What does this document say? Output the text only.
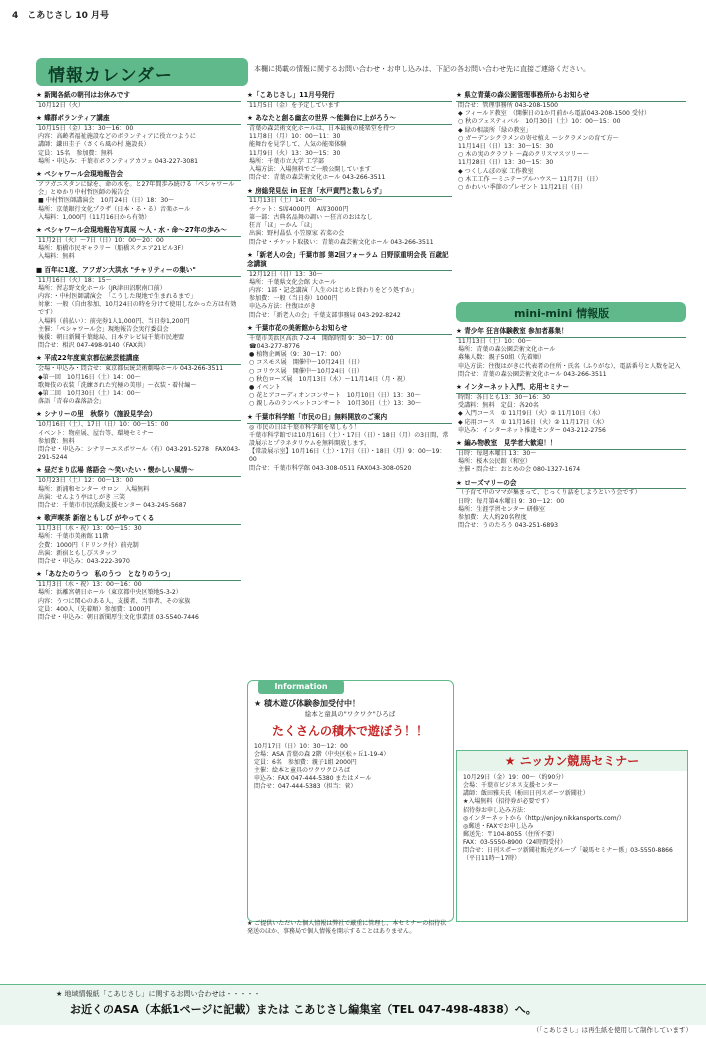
4　こあじさし 10 月号
情報カレンダー	本欄に掲載の情報に関するお問い合わせ・お申し込みは、下記の各お問い合わせ先に直接ご連絡ください。
★ 新聞各紙の朝刊はお休みです
10月12日（火）
★ 蝶群ボランティア講座
10月15日（金）13：30～16：00
内容：高齢者福祉施設などのボランティアに役立つように
講師：鎌田圭子（さくら風の村 施設長）
定員：15名　参加費：無料
場所・申込み：千葉市ボランティアカフェ 043-227-3081
★ ペシャワール会現地報告会
アフガニスタンに緑を、命の水を。と27年間歩み続ける「ペシャワール会」とゆかり中村哲医師の報告会
■ 中村哲医師講演会　10月24日（日）18：30～
場所：京葉銀行文化プラザ（日本・る・る）音楽ホール
入場料：1,000円（11月16日から有効）
★ ペシャワール会現地報告写真展 ～人・水・命～27年の歩み～
11月2日（火）～7日（日）10：00～20：00
場所：船橋市民ギャラリー（船橋スクエア21ビル3F）
入場料：無料
■ 百年に1度、アフガン大洪水 "チャリティーの集い"
11月16日（火）18：15～
場所：習志野文化ホール（JR津田沼駅南口前）
内容：・中村医師講演会　「こうした現地で生まれるまで」
対象：一般（自由参加、10月24日の時を分けて使用しなかった方は有効です）
入場料（前払い）：前売券1人1,000円、当日券1,200円
主催：「ペシャワール会」現地報告会実行委員会
後援：朝日新聞千葉総局、日本テレビ局千葉市民連盟
問合せ：相沢 047-498-9140（FAX共）
★ 平成22年度東京都伝統芸能講座
会場・申込み・問合せ：東京都伝統芸術劇場ホール 043-266-3511
◆第一回　10月16日（土）14：00～
歌舞伎の衣装「洗練された究極の美形」～衣装・着付編～
◆第二回　10月30日（土）14：00～
落語「青春の森落語会」
★ シナリーの里　秋祭り（施設見学会）
10月16日（土）、17日（日）10：00～15：00
イベント：物産展、屋台等、環境セミナー
参加費：無料
問合せ・申込み：シナリーエスポワール（有）043-291-5278　FAX043-291-5244
★ 昼だまり広場 落語会 ～笑いたい・懐かしい風情～
10月23日（土）12：00～13：00
場所：新浦和センター サロン　入場無料
出演：せんよう亭はしがき 三笑
問合せ：千葉市市民活動支援センター 043-245-5687
★ 歌声喫茶 新宿ともしび がやってくる
11月3日（水・祝）13：00～15：30
場所：千葉市美術館 11階
会費：1000円（ドリンク付）前売制
出演：新宿ともしびスタッフ
問合せ・申込み：043-222-3970
★「あなたのうつ　私のうつ　となりのうつ」
11月3日（水・祝）13：00～16：00
場所：浜離宮朝日ホール（東京都中央区築地5-3-2）
内容：うつに関心のある人、支援者、当事者、その家族
定員：400人（先着順）参加費：1000円
問合せ・申込み：朝日新聞厚生文化事業団 03-5540-7446
★「こあじさし」11月号発行
11月5日（金）を予定しています
★ あなたと創る幽玄の世界 ～能舞台に上がろう～
青葉の森芸術文化ホールは、日本最後の能楽堂を持つ
11月8日（月）10：00～11：30
能舞台を見学して、人気の能楽体験
11月9日（火）13：30～15：30
場所：千葉市立大学 工学部
入場方法：入場無料でご一般公開しています
問合せ：青葉の森芸術文化ホール 043-266-3511
★ 房総発見伝 in 狂言「水戸黄門と数しらず」
11月13日（土）14：00～
チケット：S席4000円　A席3000円
第一部：古典名品舞の調い ～狂言のおはなし
狂言「ほ」～かん「ほ」
出演：野村晶弘 小笠原家 若菜の会
問合せ・チケット取扱い：青葉の森芸術文化ホール 043-266-3511
★「新老人の会」千葉市部 第2回フォーラム 日野原重明会長 百歳記念講演
12月12日（日）13：30～
場所：千葉県文化会館 大ホール
内容：1部・記念講演「人生のはじめと終わりをどう処すか」
参加費：一般（当日券）1000円
申込み方法：往復はがき
問合せ：「新老人の会」千葉支部事務局 043-292-8242
★ 千葉市花の美術館からお知らせ
千葉市美浜区高浜 7-2-4　開館時間 9：30～17：00
☎043-277-8776
● 植物企画展（9：30～17：00）
○ コスモス展　開催中～10月24日（日）
○ コリウス展　開催中～10月24日（日）
○ 秋色ローズ展　10月13日（水）～11月14日（月・祝）
● イベント
○ 花とアコーディオンコンサート　10月10日（日）13：30～
○ 親しみのランペットコンサート　10月30日（土）13：30～
★ 千葉市科学館「市民の日」無料開放のご案内
◎ 市民の日は千葉市科学館を楽しもう！
千葉市科学館では10月16日（土）・17日（日）・18日（月）の3日間、常設展示とプラネタリウムを無料開放します。
【常設展示室】10月16日（土）・17日（日）・18日（月）9：00～19：00
問合せ：千葉市科学館 043-308-0511 FAX043-308-0520
★ 県立青葉の森公園管理事務所からお知らせ
問合せ：管理事務所 043-208-1500
◆ フィールド教室　（開催日の1か月前から電話043-208-1500 受付）
○ 秋のフェスティバル　10月30日（土）10：00～15：00
◆ 緑の相談所「緑の教室」
○ ガーデンシクラメンの寄せ植え ～シクラメンの育て方～
11月14日（日）13：30～15：30
○ 木の実のクラフト ～森のクリスマスツリー～
11月28日（日）13：30～15：30
◆ つくしんぼの家 工作教室
○ 木工工作 ～ミニテーブルハウス～ 11月7日（日）
○ かわいい季節のプレゼント 11月21日（日）
mini-mini 情報版
★ 青少年 狂言体験教室 参加者募集！
11月13日（土）10：00～
場所：青葉の森公園芸術文化ホール
募集人数：親子50組（先着順）
申込方法：往復はがきに代表者の住所・氏名（ふりがな）、電話番号と人数を記入
問合せ：青葉の森公園芸術文化ホール 043-266-3511
★ インターネット入門、応用セミナー
時間：各日とも13：30～16：30
受講料：無料　定員：各20名
◆ 入門コース　① 11月9日（火）② 11月10日（水）
◆ 応用コース　① 11月16日（火）② 11月17日（水）
申込み：インターネット推進センター 043-212-2756
★ 編み物教室　見学者大歓迎！！
日時：毎週木曜日 13：30～
場所：桜木公民館（和室）
主催・問合せ：おとめの会 080-1327-1674
★ ローズマリーの会
（子育て中のママが集まって、じっくり話をしようという会です）
日時：毎月第4水曜日 9：30～12：00
場所：生涯学習センター 研修室
参加費：大人約20名程度
問合せ：うのたろう 043-251-6893
Information
★ 積木遊び体験参加受付中！
絵本と童具の"ワクワク"ひろば
たくさんの積木で遊ぼう！！
10月17日（日）10：30～12：00
会場：ASA 青葉の森 2階（中央区松ヶ丘1-19-4）
定員：6名　参加費：親子1組 2000円
主催：絵本と童具のワクワクひろば
申込み：FAX 047-444-5380 またはメール
問合せ：047-444-5383（担当：菅）
★ ニッカン競馬セミナー
10月29日（金）19：00～（約90分）
会場：千葉市ビジネス支援センター
講師：飯田雅夫氏（栃田日刊スポーツ新聞社）
★入場無料（招待券が必要です）
招待券お申し込み方法：
◎インターネットから（http://enjoy.nikkansports.com/）
◎郵送・FAXでお申し込み
郵送先：〒104-8055（住所不要）
FAX：03-5550-8900（24時間受付）
問合せ：日刊スポーツ新聞社販売グループ「競馬セミナー係」03-5550-8866（平日11時～17時）
★ ご提供いただいた個人情報は弊社で厳重に管理し、本セミナーの招待状発送のほか、事務局で個人情報を開示することはありません。
★ 地域情報紙「こあじさし」に関するお問い合わせは・・・・・
お近くのASA（本紙1ページに記載）または こあじさし編集室（TEL 047-498-4838）へ。
（「こあじさし」は再生紙を使用して制作しています）
